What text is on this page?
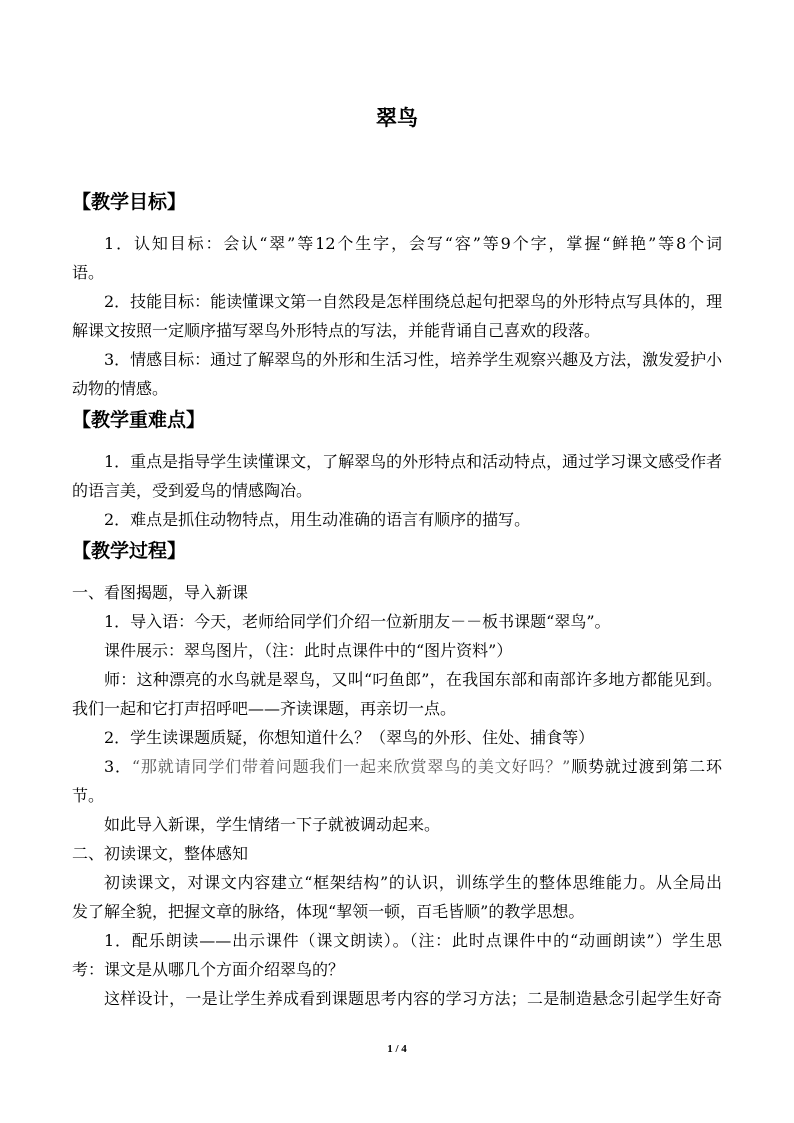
翠鸟
【教学目标】
1．认知目标：会认“翠”等12个生字，会写“容”等9个字，掌握“鲜艳”等8个词
语。
2．技能目标：能读懂课文第一自然段是怎样围绕总起句把翠鸟的外形特点写具体的，理
解课文按照一定顺序描写翠鸟外形特点的写法，并能背诵自己喜欢的段落。
3．情感目标：通过了解翠鸟的外形和生活习性，培养学生观察兴趣及方法，激发爱护小
动物的情感。
【教学重难点】
1．重点是指导学生读懂课文，了解翠鸟的外形特点和活动特点，通过学习课文感受作者
的语言美，受到爱鸟的情感陶冶。
2．难点是抓住动物特点，用生动准确的语言有顺序的描写。
【教学过程】
一、看图揭题，导入新课
1．导入语：今天，老师给同学们介绍一位新朋友－－板书课题“翠鸟”。
课件展示：翠鸟图片，（注：此时点课件中的“图片资料”）
师：这种漂亮的水鸟就是翠鸟，又叫“叼鱼郎”，在我国东部和南部许多地方都能见到。
我们一起和它打声招呼吧——齐读课题，再亲切一点。
2．学生读课题质疑，你想知道什么？（翠鸟的外形、住处、捕食等）
3．“那就请同学们带着问题我们一起来欣赏翠鸟的美文好吗？”顺势就过渡到第二环
节。
如此导入新课，学生情绪一下子就被调动起来。
二、初读课文，整体感知
初读课文，对课文内容建立“框架结构”的认识，训练学生的整体思维能力。从全局出
发了解全貌，把握文章的脉络，体现“挈领一顿，百毛皆顺”的教学思想。
1．配乐朗读——出示课件（课文朗读）。（注：此时点课件中的“动画朗读”）学生思
考：课文是从哪几个方面介绍翠鸟的？
这样设计，一是让学生养成看到课题思考内容的学习方法；二是制造悬念引起学生好奇
1 / 4
